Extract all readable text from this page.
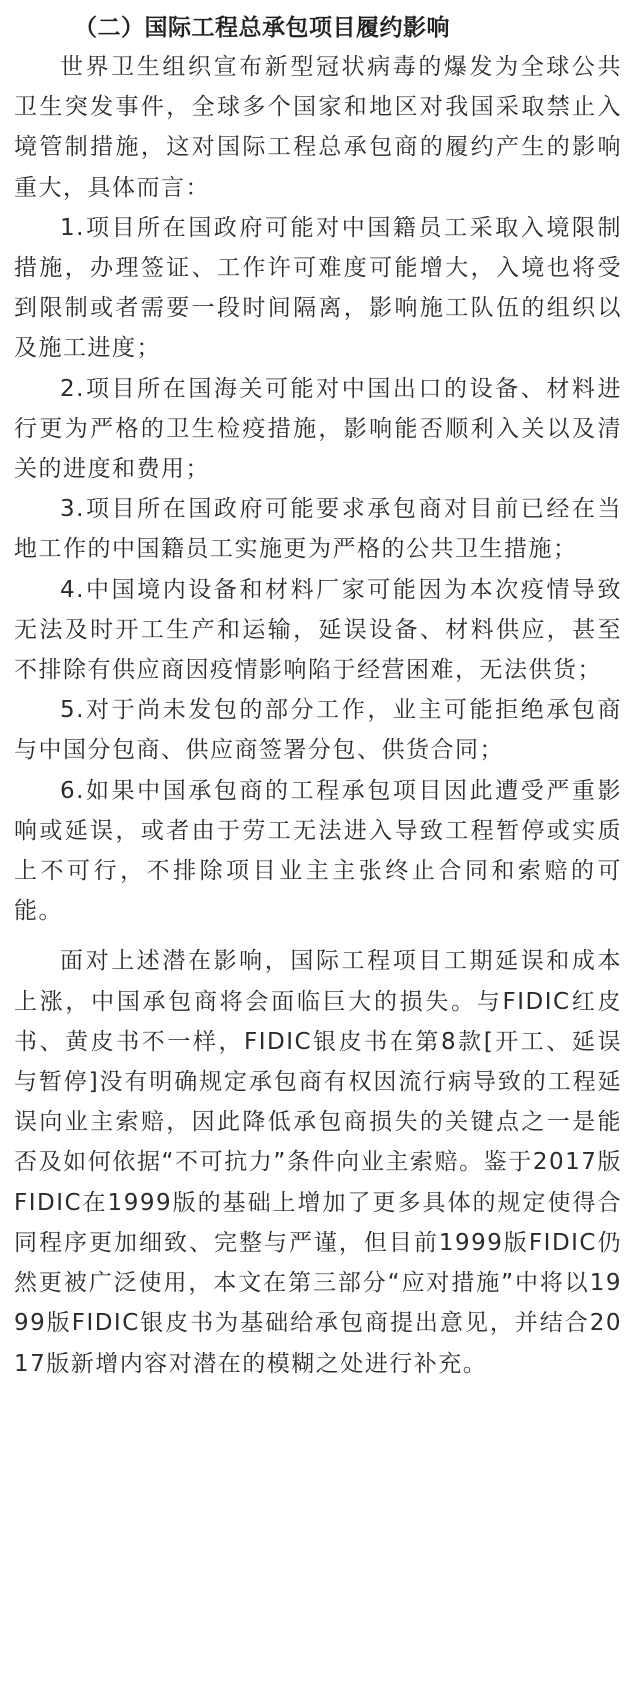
（二）国际工程总承包项目履约影响

世界卫生组织宣布新型冠状病毒的爆发为全球公共卫生突发事件，全球多个国家和地区对我国采取禁止入境管制措施，这对国际工程总承包商的履约产生的影响重大，具体而言：

1.项目所在国政府可能对中国籍员工采取入境限制措施，办理签证、工作许可难度可能增大，入境也将受到限制或者需要一段时间隔离，影响施工队伍的组织以及施工进度；

2.项目所在国海关可能对中国出口的设备、材料进行更为严格的卫生检疫措施，影响能否顺利入关以及清关的进度和费用；

3.项目所在国政府可能要求承包商对目前已经在当地工作的中国籍员工实施更为严格的公共卫生措施；

4.中国境内设备和材料厂家可能因为本次疫情导致无法及时开工生产和运输，延误设备、材料供应，甚至不排除有供应商因疫情影响陷于经营困难，无法供货；

5.对于尚未发包的部分工作，业主可能拒绝承包商与中国分包商、供应商签署分包、供货合同；

6.如果中国承包商的工程承包项目因此遭受严重影响或延误，或者由于劳工无法进入导致工程暂停或实质上不可行，不排除项目业主主张终止合同和索赔的可能。

面对上述潜在影响，国际工程项目工期延误和成本上涨，中国承包商将会面临巨大的损失。与FIDIC红皮书、黄皮书不一样，FIDIC银皮书在第8款[开工、延误与暂停]没有明确规定承包商有权因流行病导致的工程延误向业主索赔，因此降低承包商损失的关键点之一是能否及如何依据“不可抗力”条件向业主索赔。鉴于2017版FIDIC在1999版的基础上增加了更多具体的规定使得合同程序更加细致、完整与严谨，但目前1999版FIDIC仍然更被广泛使用，本文在第三部分“应对措施”中将以1999版FIDIC银皮书为基础给承包商提出意见，并结合2017版新增内容对潜在的模糊之处进行补充。
